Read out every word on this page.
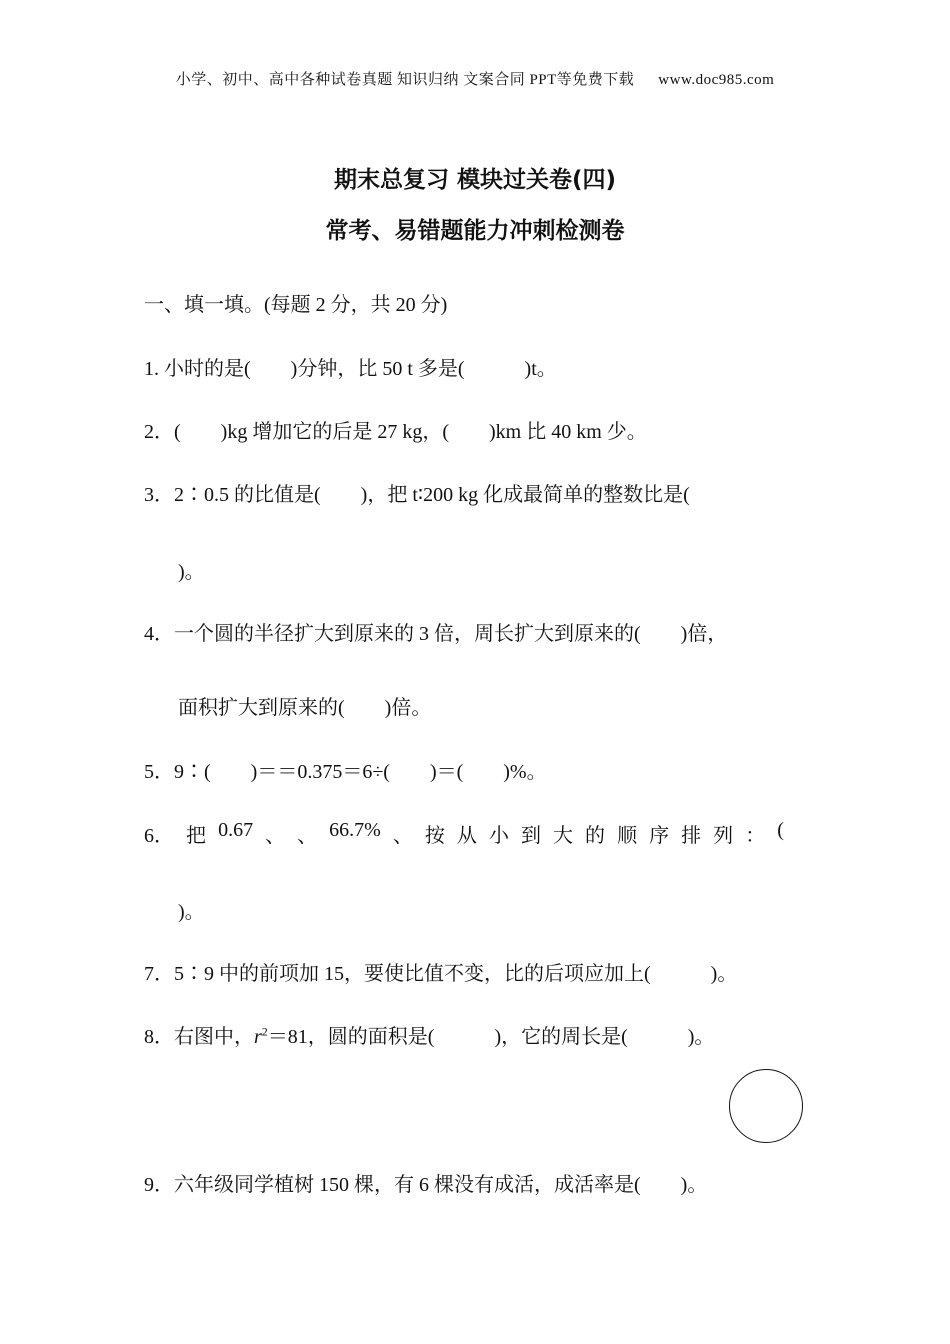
小学、初中、高中各种试卷真题 知识归纳 文案合同 PPT等免费下载 www.doc985.com
期末总复习 模块过关卷(四)
常考、易错题能力冲刺检测卷
一、填一填。(每题 2 分，共 20 分)
1. 小时的是(        )分钟，比 50 t 多是(            )t。
2．(        )kg 增加它的后是 27 kg，(        )km 比 40 km 少。
3．2∶0.5 的比值是(        )，把 t∶200 kg 化成最简单的整数比是(
)。
4．一个圆的半径扩大到原来的 3 倍，周长扩大到原来的(        )倍，
面积扩大到原来的(        )倍。
5．9∶(        )＝＝0.375＝6÷(        )＝(        )%。
6． 把 0.67 、 、 66.7% 、 按 从 小 到 大 的 顺 序 排 列 ： (
)。
7．5∶9 中的前项加 15，要使比值不变，比的后项应加上(            )。
8．右图中，$r^2=81$，圆的面积是(            )，它的周长是(            )。
9．六年级同学植树 150 棵，有 6 棵没有成活，成活率是(        )。
